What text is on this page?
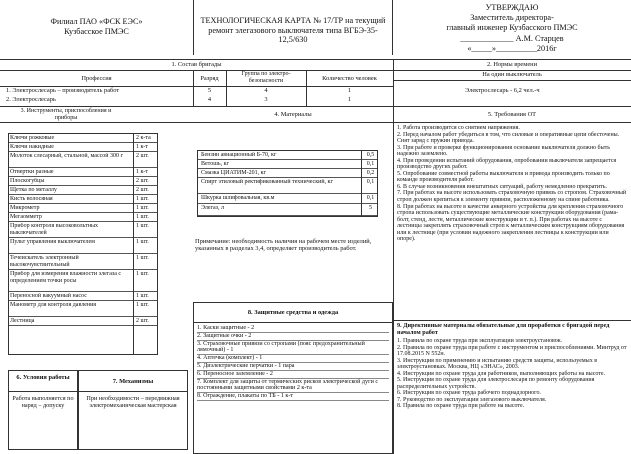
Филиал ПАО «ФСК ЕЭС»
Кузбасское ПМЭС
ТЕХНОЛОГИЧЕСКАЯ КАРТА № 17/ТР на текущий ремонт элегазового выключателя типа ВГБЭ-35-12,5/630
УТВЕРЖДАЮ
Заместитель директора-
главный инженер Кузбасского ПМЭС
_____________ А.М. Старцев
«_____»__________2016г
1. Состав бригады	2. Нормы времени
Профессия	Разряд
Группа по электро-безопасности	Количество человек
1. Электрослесарь – производитель работ	5	4	1
2. Электрослесарь	4	3	1
На один выключатель
Электрослесарь - 6,2 чел.-ч
3. Инструменты, приспособления и приборы	4. Материалы	5. Требования ОТ
Ключи рожковые	2 к-та
Ключи накидные	1 к-т
Молоток слесарный, стальной, массой 300 г	2 шт.
Отвертки разные	1 к-т
Плоскогубцы	2 шт.
Щетка по металлу	2 шт.
Кисть волосяная	1 шт.
Микрометр	1 шт.
Мегаомметр	1 шт.
Прибор контроля высоковольтных выключателей
1 шт.
Пульт управления выключателем	1 шт.
Течеискатель электронный высокочувствительный
1 шт.
Прибор для измерения влажности элегаза с определением точки росы
1 шт.
Переносной вакуумный насос	1 шт.
Манометр для контроля давления	1 шт.
Лестница	2 шт.
6. Условия работы
Работа выполняется по наряд – допуску
7. Механизмы
При необходимости – передвижная электромеханическая мастерская
Бензин авиационный Б-70, кг	0,5
Ветошь, кг	0,1
Смазка ЦИАТИМ-201, кг	0,2
Спирт этиловый ректификованный технический, кг	0,1
Шкурка шлифовальная, кв.м	0,1
Элегаз, л	5
Примечание: необходимость наличия на рабочем месте изделий, указанных в разделах 3,4, определяет производитель работ.
8. Защитные средства и одежда
1. Каски защитные - 2
2. Защитные очки - 2
3. Страховочные привязи со стропами (пояс предохранительный лямочный) - 1
4. Аптечка (комплект) - 1
5. Диэлектрические перчатки - 1 пара
6. Переносное заземление - 2
7. Комплект для защиты от термических рисков электрической дуги с постоянными защитными свойствами 2 к-та
8. Ограждение, плакаты по ТБ - 1 к-т
1. Работа производится со снятием напряжения.
2. Перед началом работ убедиться в том, что силовые и оперативные цепи обесточены. Снят заряд с пружин привода.
3. При работе и проверке функционирования основание выключателя должно быть надежно заземлено.
4. При проведении испытаний оборудования, опробовании выключателя запрещается производство других работ.
5. Опробование совместной работы выключателя и привода производить только по команде производителя работ.
6. В случае возникновения внештатных ситуаций, работу немедленно прекратить.
7. При работах на высоте использовать страховочную привязь со стропом. Страховочный строп должен крепиться к элементу привязи, расположенному на спине работника.
8. При работах на высоте в качестве анкерного устройства для крепления страховочного стропа использовать существующие металлические конструкции оборудования (рама-болт, стенд, лестн, металлические конструкции и т. п.). При работах на высоте с лестницы закреплять страховочный строп к металлическим конструкциям оборудования или к лестнице (при условии надежного закрепления лестницы к конструкции или опоре).
9. Директивные материалы обязательные для проработки с бригадой перед началом работ
1. Правила по охране труда при эксплуатации электроустановок.
2. Правила по охране труда при работе с инструментом и приспособлениями. Минтруд от 17.08.2015 N 552н.
3. Инструкция по применению и испытанию средств защиты, используемых в электроустановках. Москва, НЦ «ЭНАС», 2003.
4. Инструкция по охране труда для работников, выполняющих работы на высоте.
5. Инструкция по охране труда для электрослесаря по ремонту оборудования распределительных устройств.
6. Инструкция по охране труда рабочего поднадзорного.
7. Руководство по эксплуатации элегазового выключателя.
8. Правила по охране труда при работе на высоте.
